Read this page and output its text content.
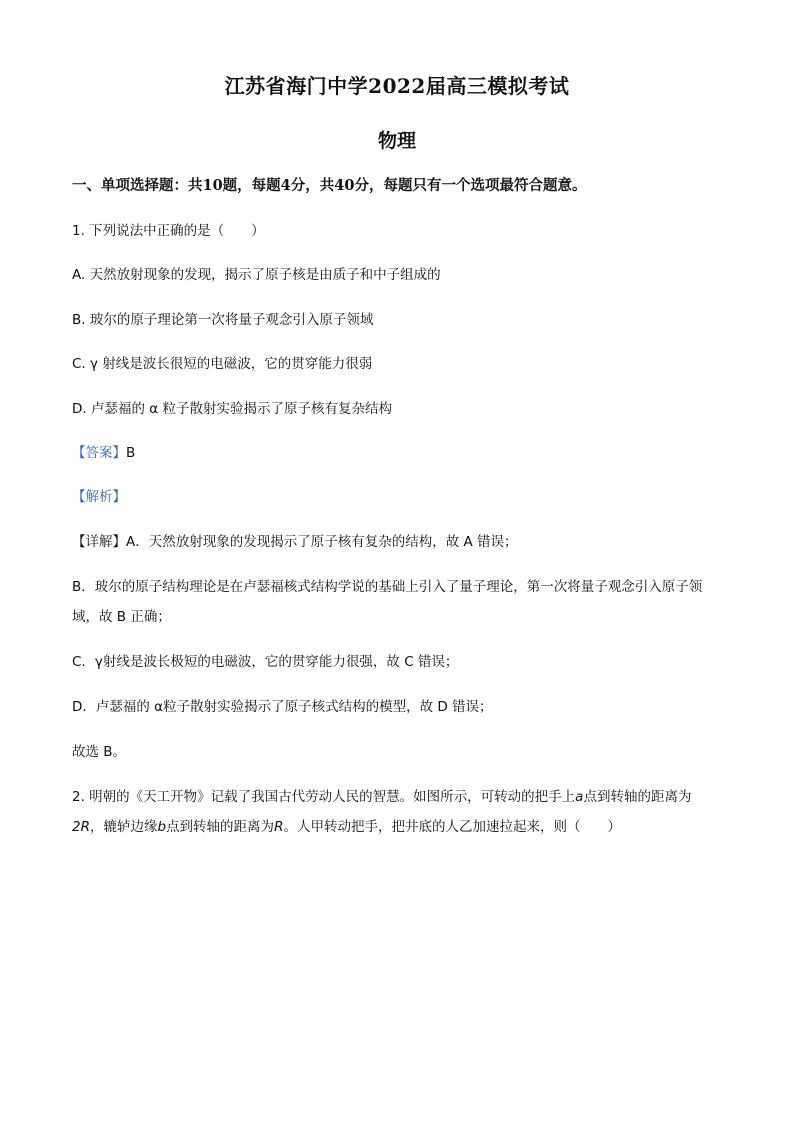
江苏省海门中学2022届高三模拟考试
物理
一、单项选择题：共10题，每题4分，共40分，每题只有一个选项最符合题意。
1. 下列说法中正确的是（　　）
A. 天然放射现象的发现，揭示了原子核是由质子和中子组成的
B. 玻尔的原子理论第一次将量子观念引入原子领域
C. γ 射线是波长很短的电磁波，它的贯穿能力很弱
D. 卢瑟福的 α 粒子散射实验揭示了原子核有复杂结构
【答案】B
【解析】
【详解】A．天然放射现象的发现揭示了原子核有复杂的结构，故 A 错误；
B．玻尔的原子结构理论是在卢瑟福核式结构学说的基础上引入了量子理论，第一次将量子观念引入原子领
域，故 B 正确；
C．γ射线是波长极短的电磁波，它的贯穿能力很强，故 C 错误；
D．卢瑟福的 α粒子散射实验揭示了原子核式结构的模型，故 D 错误；
故选 B。
2. 明朝的《天工开物》记载了我国古代劳动人民的智慧。如图所示，可转动的把手上a点到转轴的距离为
2R，辘轳边缘b点到转轴的距离为R。人甲转动把手，把井底的人乙加速拉起来，则（　　）
